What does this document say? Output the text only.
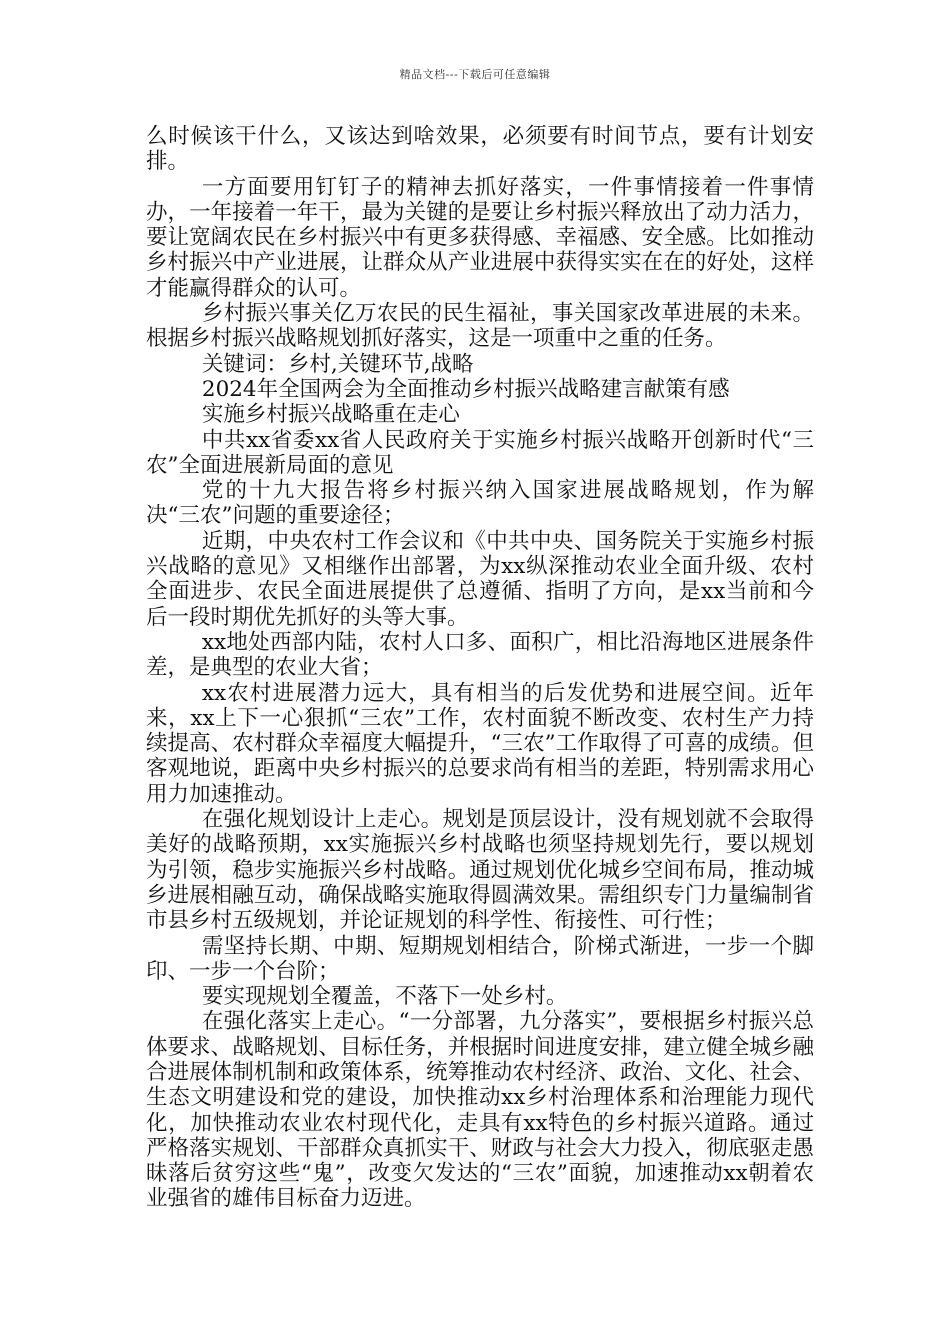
精品文档---下载后可任意编辑

么时候该干什么，又该达到啥效果，必须要有时间节点，要有计划安排。

一方面要用钉钉子的精神去抓好落实，一件事情接着一件事情办，一年接着一年干，最为关键的是要让乡村振兴释放出了动力活力，要让宽阔农民在乡村振兴中有更多获得感、幸福感、安全感。比如推动乡村振兴中产业进展，让群众从产业进展中获得实实在在的好处，这样才能赢得群众的认可。

乡村振兴事关亿万农民的民生福祉，事关国家改革进展的未来。根据乡村振兴战略规划抓好落实，这是一项重中之重的任务。

关键词：乡村,关键环节,战略

2024年全国两会为全面推动乡村振兴战略建言献策有感

实施乡村振兴战略重在走心

中共xx省委xx省人民政府关于实施乡村振兴战略开创新时代“三农”全面进展新局面的意见

党的十九大报告将乡村振兴纳入国家进展战略规划，作为解决“三农”问题的重要途径；

近期，中央农村工作会议和《中共中央、国务院关于实施乡村振兴战略的意见》又相继作出部署，为xx纵深推动农业全面升级、农村全面进步、农民全面进展提供了总遵循、指明了方向，是xx当前和今后一段时期优先抓好的头等大事。

xx地处西部内陆，农村人口多、面积广，相比沿海地区进展条件差，是典型的农业大省；

xx农村进展潜力远大，具有相当的后发优势和进展空间。近年来，xx上下一心狠抓“三农”工作，农村面貌不断改变、农村生产力持续提高、农村群众幸福度大幅提升，“三农”工作取得了可喜的成绩。但客观地说，距离中央乡村振兴的总要求尚有相当的差距，特别需求用心用力加速推动。

在强化规划设计上走心。规划是顶层设计，没有规划就不会取得美好的战略预期，xx实施振兴乡村战略也须坚持规划先行，要以规划为引领，稳步实施振兴乡村战略。通过规划优化城乡空间布局，推动城乡进展相融互动，确保战略实施取得圆满效果。需组织专门力量编制省市县乡村五级规划，并论证规划的科学性、衔接性、可行性；

需坚持长期、中期、短期规划相结合，阶梯式渐进，一步一个脚印、一步一个台阶；

要实现规划全覆盖，不落下一处乡村。

在强化落实上走心。“一分部署，九分落实”，要根据乡村振兴总体要求、战略规划、目标任务，并根据时间进度安排，建立健全城乡融合进展体制机制和政策体系，统筹推动农村经济、政治、文化、社会、生态文明建设和党的建设，加快推动xx乡村治理体系和治理能力现代化，加快推动农业农村现代化，走具有xx特色的乡村振兴道路。通过严格落实规划、干部群众真抓实干、财政与社会大力投入，彻底驱走愚昧落后贫穷这些“鬼”，改变欠发达的“三农”面貌，加速推动xx朝着农业强省的雄伟目标奋力迈进。
